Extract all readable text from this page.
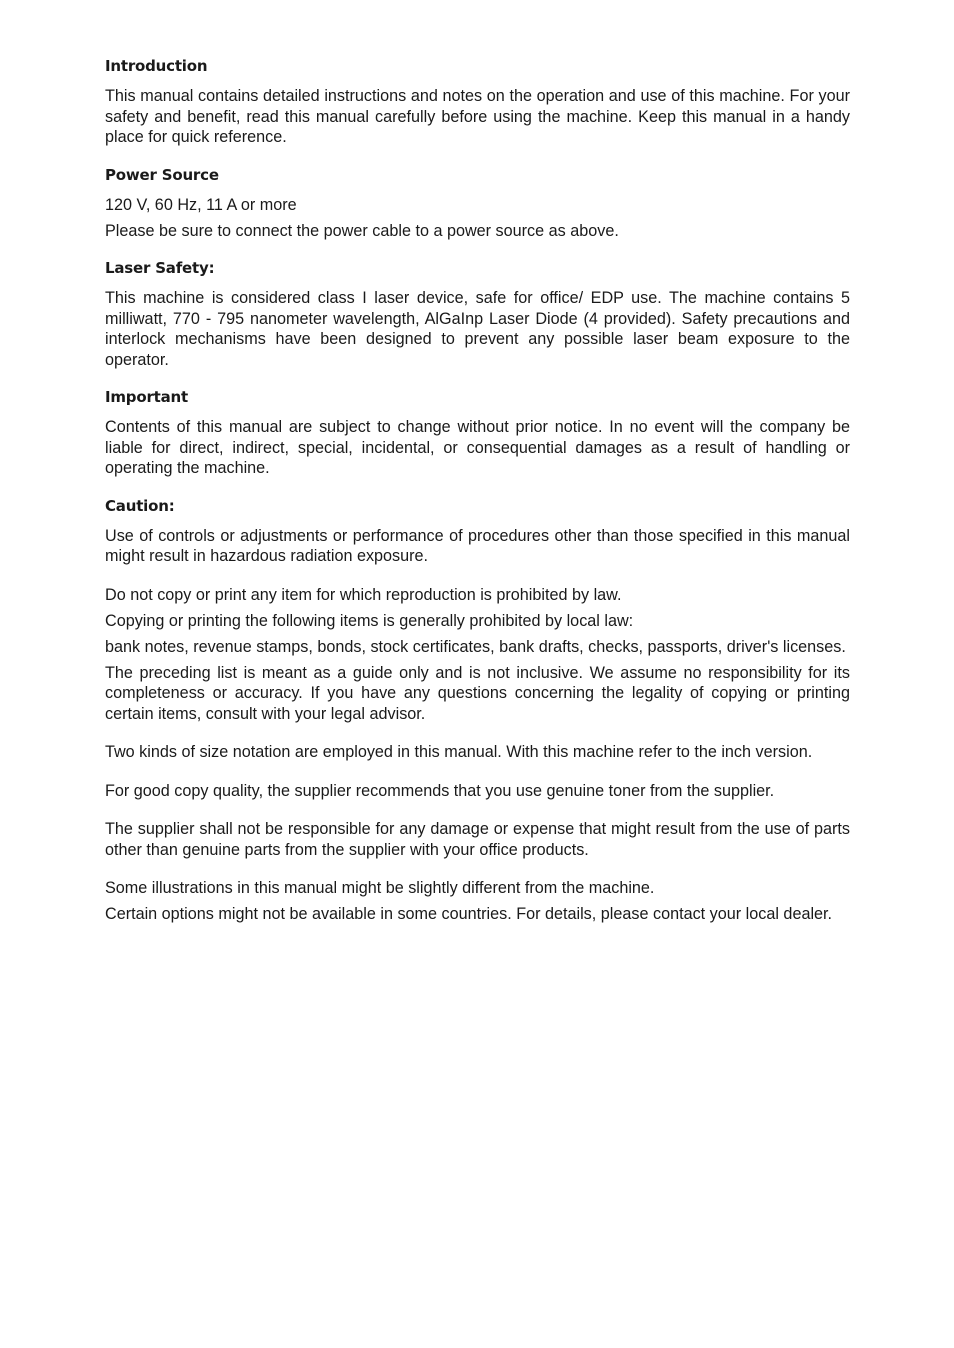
Introduction

This manual contains detailed instructions and notes on the operation and use of this machine. For your safety and benefit, read this manual carefully before using the machine. Keep this manual in a handy place for quick reference.

Power Source

120 V, 60 Hz, 11 A or more

Please be sure to connect the power cable to a power source as above.

Laser Safety:

This machine is considered class I laser device, safe for office/ EDP use. The machine contains 5 milliwatt, 770 - 795 nanometer wavelength, AlGaInp Laser Diode (4 provided). Safety precautions and interlock mechanisms have been designed to prevent any possible laser beam exposure to the operator.

Important

Contents of this manual are subject to change without prior notice. In no event will the company be liable for direct, indirect, special, incidental, or consequential damages as a result of handling or operating the machine.

Caution:

Use of controls or adjustments or performance of procedures other than those specified in this manual might result in hazardous radiation exposure.

Do not copy or print any item for which reproduction is prohibited by law.

Copying or printing the following items is generally prohibited by local law:

bank notes, revenue stamps, bonds, stock certificates, bank drafts, checks, passports, driver's licenses.

The preceding list is meant as a guide only and is not inclusive. We assume no responsibility for its completeness or accuracy. If you have any questions concerning the legality of copying or printing certain items, consult with your legal advisor.

Two kinds of size notation are employed in this manual. With this machine refer to the inch version.

For good copy quality, the supplier recommends that you use genuine toner from the supplier.

The supplier shall not be responsible for any damage or expense that might result from the use of parts other than genuine parts from the supplier with your office products.

Some illustrations in this manual might be slightly different from the machine.

Certain options might not be available in some countries. For details, please contact your local dealer.
